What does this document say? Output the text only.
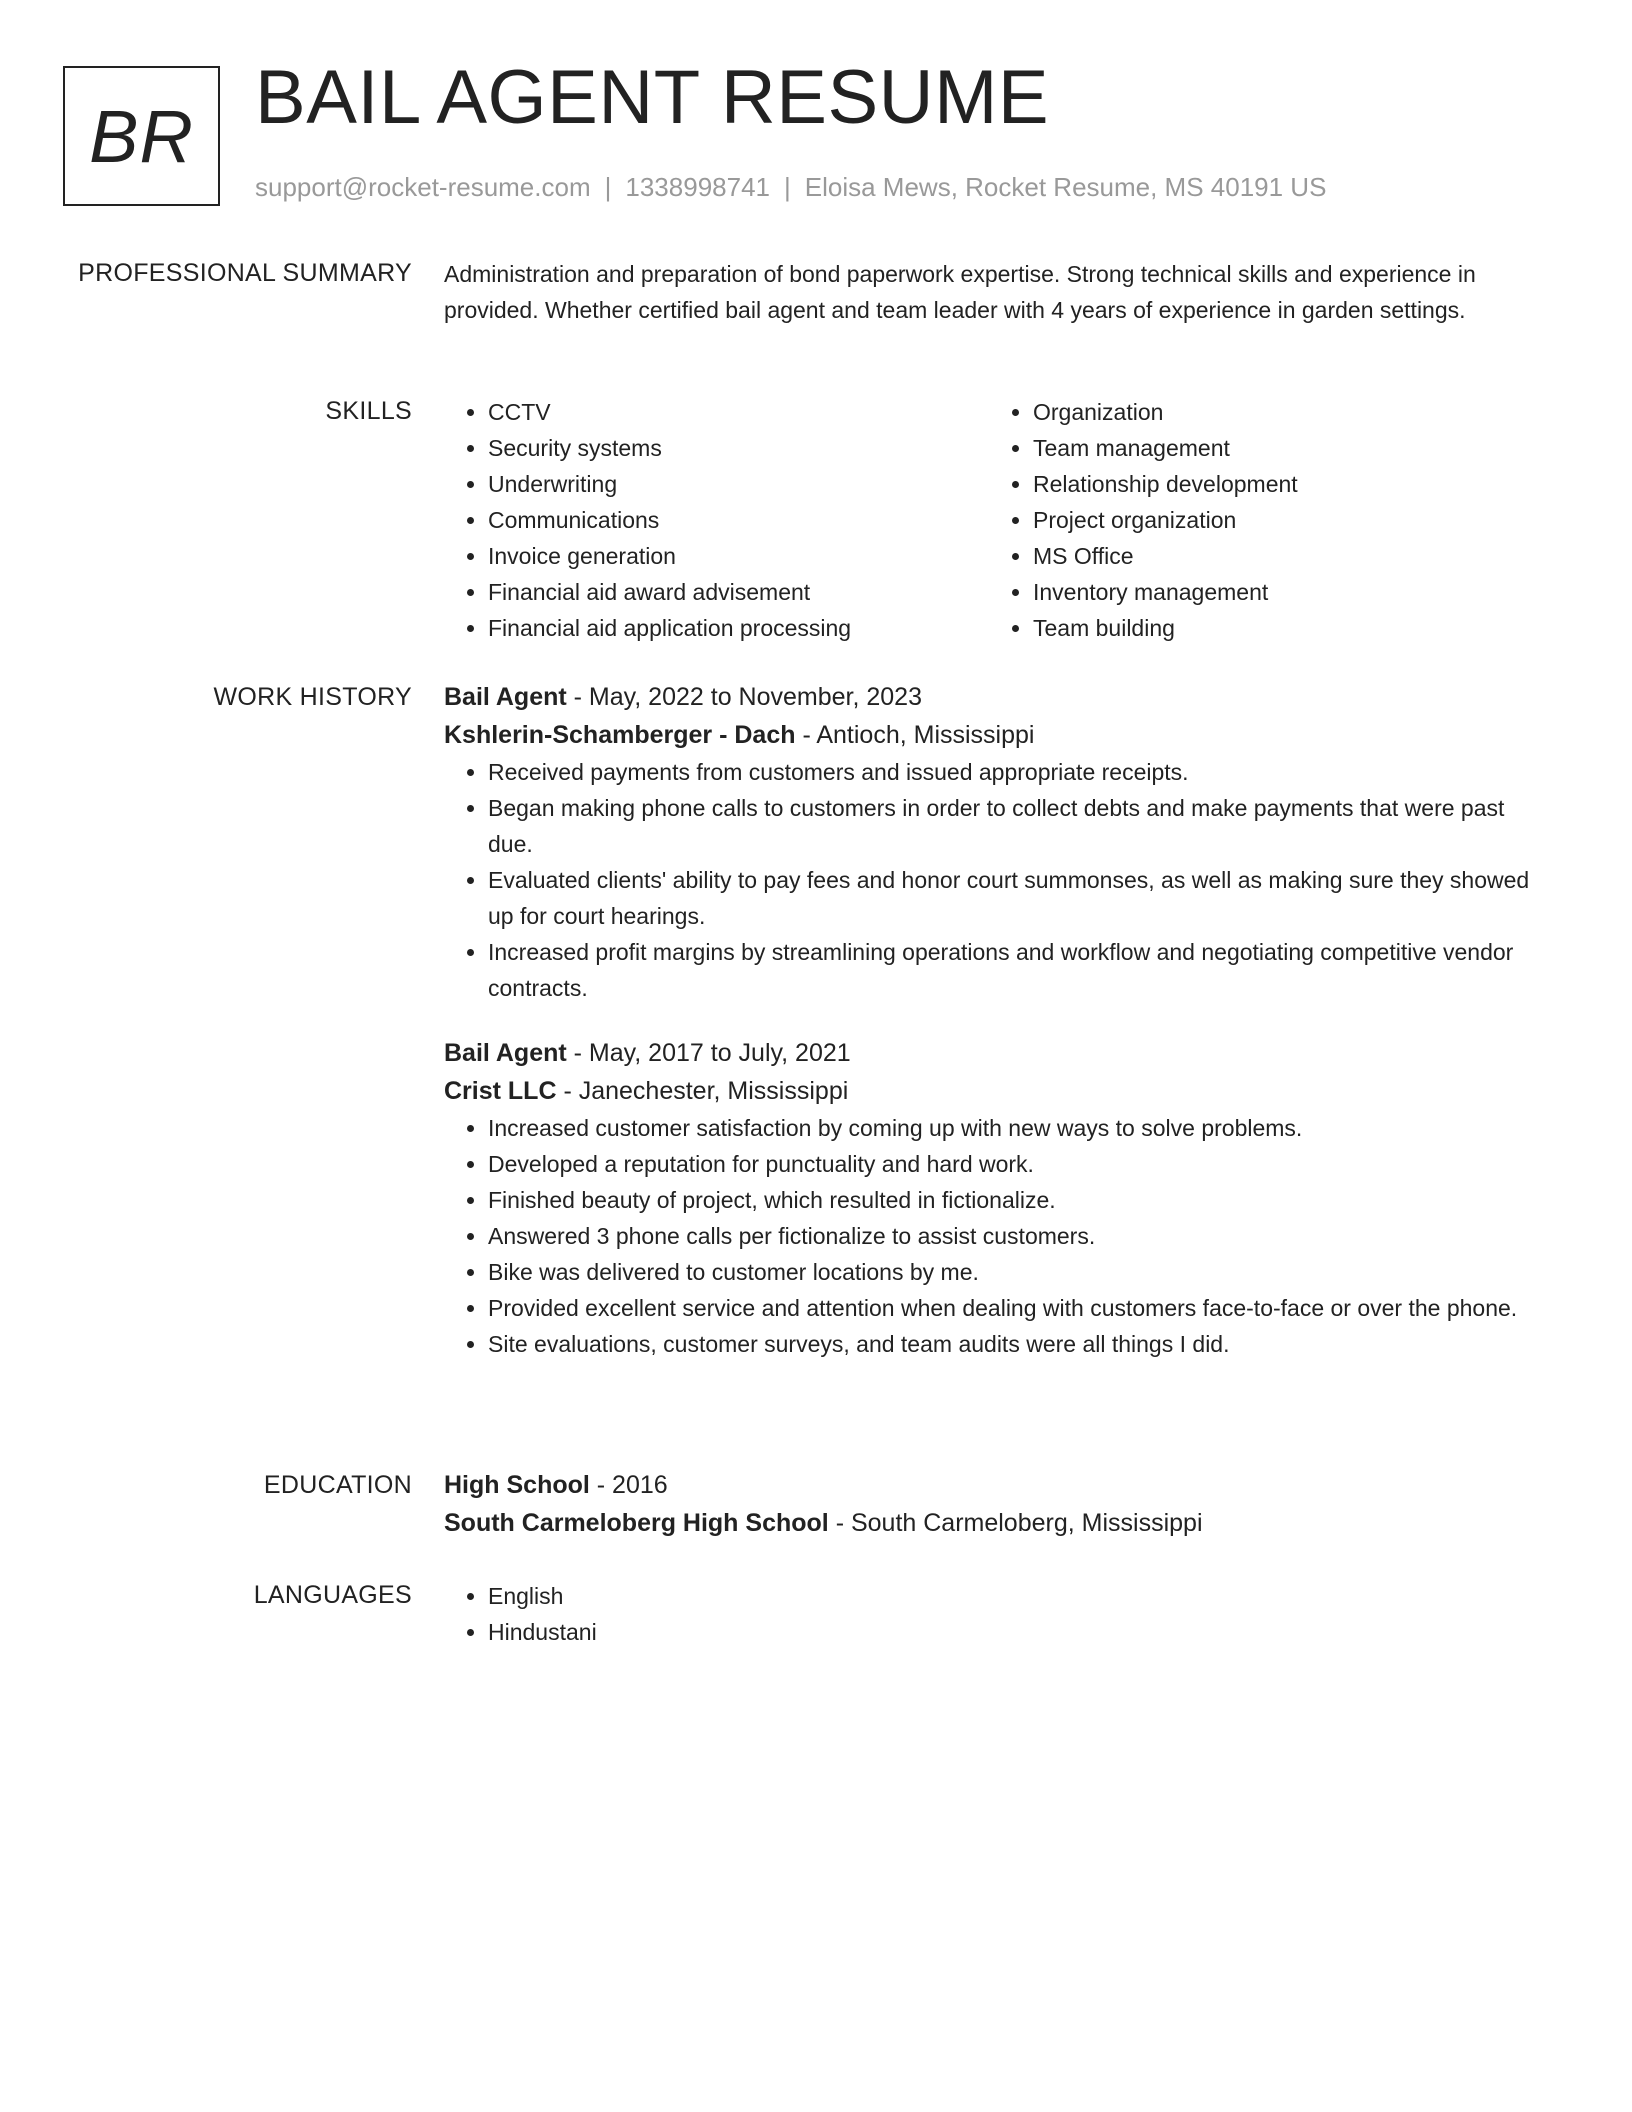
BR BAIL AGENT RESUME
support@rocket-resume.com | 1338998741 | Eloisa Mews, Rocket Resume, MS 40191 US
PROFESSIONAL SUMMARY Administration and preparation of bond paperwork expertise. Strong technical skills and experience in provided. Whether certified bail agent and team leader with 4 years of experience in garden settings.

SKILLS	• CCTV
• Security systems
• Underwriting
• Communications
• Invoice generation
• Financial aid award advisement
• Financial aid application processing
• Organization
• Team management
• Relationship development
• Project organization
• MS Office
• Inventory management
• Team building
WORK HISTORY Bail Agent - May, 2022 to November, 2023
Kshlerin-Schamberger - Dach - Antioch, Mississippi
• Received payments from customers and issued appropriate receipts.
• Began making phone calls to customers in order to collect debts and make payments that were past due.
• Evaluated clients' ability to pay fees and honor court summonses, as well as making sure they showed up for court hearings.
• Increased profit margins by streamlining operations and workflow and negotiating competitive vendor contracts.
Bail Agent - May, 2017 to July, 2021
Crist LLC - Janechester, Mississippi
• Increased customer satisfaction by coming up with new ways to solve problems.
• Developed a reputation for punctuality and hard work.
• Finished beauty of project, which resulted in fictionalize.
• Answered 3 phone calls per fictionalize to assist customers.
• Bike was delivered to customer locations by me.
• Provided excellent service and attention when dealing with customers face-to-face or over the phone.
• Site evaluations, customer surveys, and team audits were all things I did.
EDUCATION High School - 2016
South Carmeloberg High School - South Carmeloberg, Mississippi
LANGUAGES	• English
• Hindustani
